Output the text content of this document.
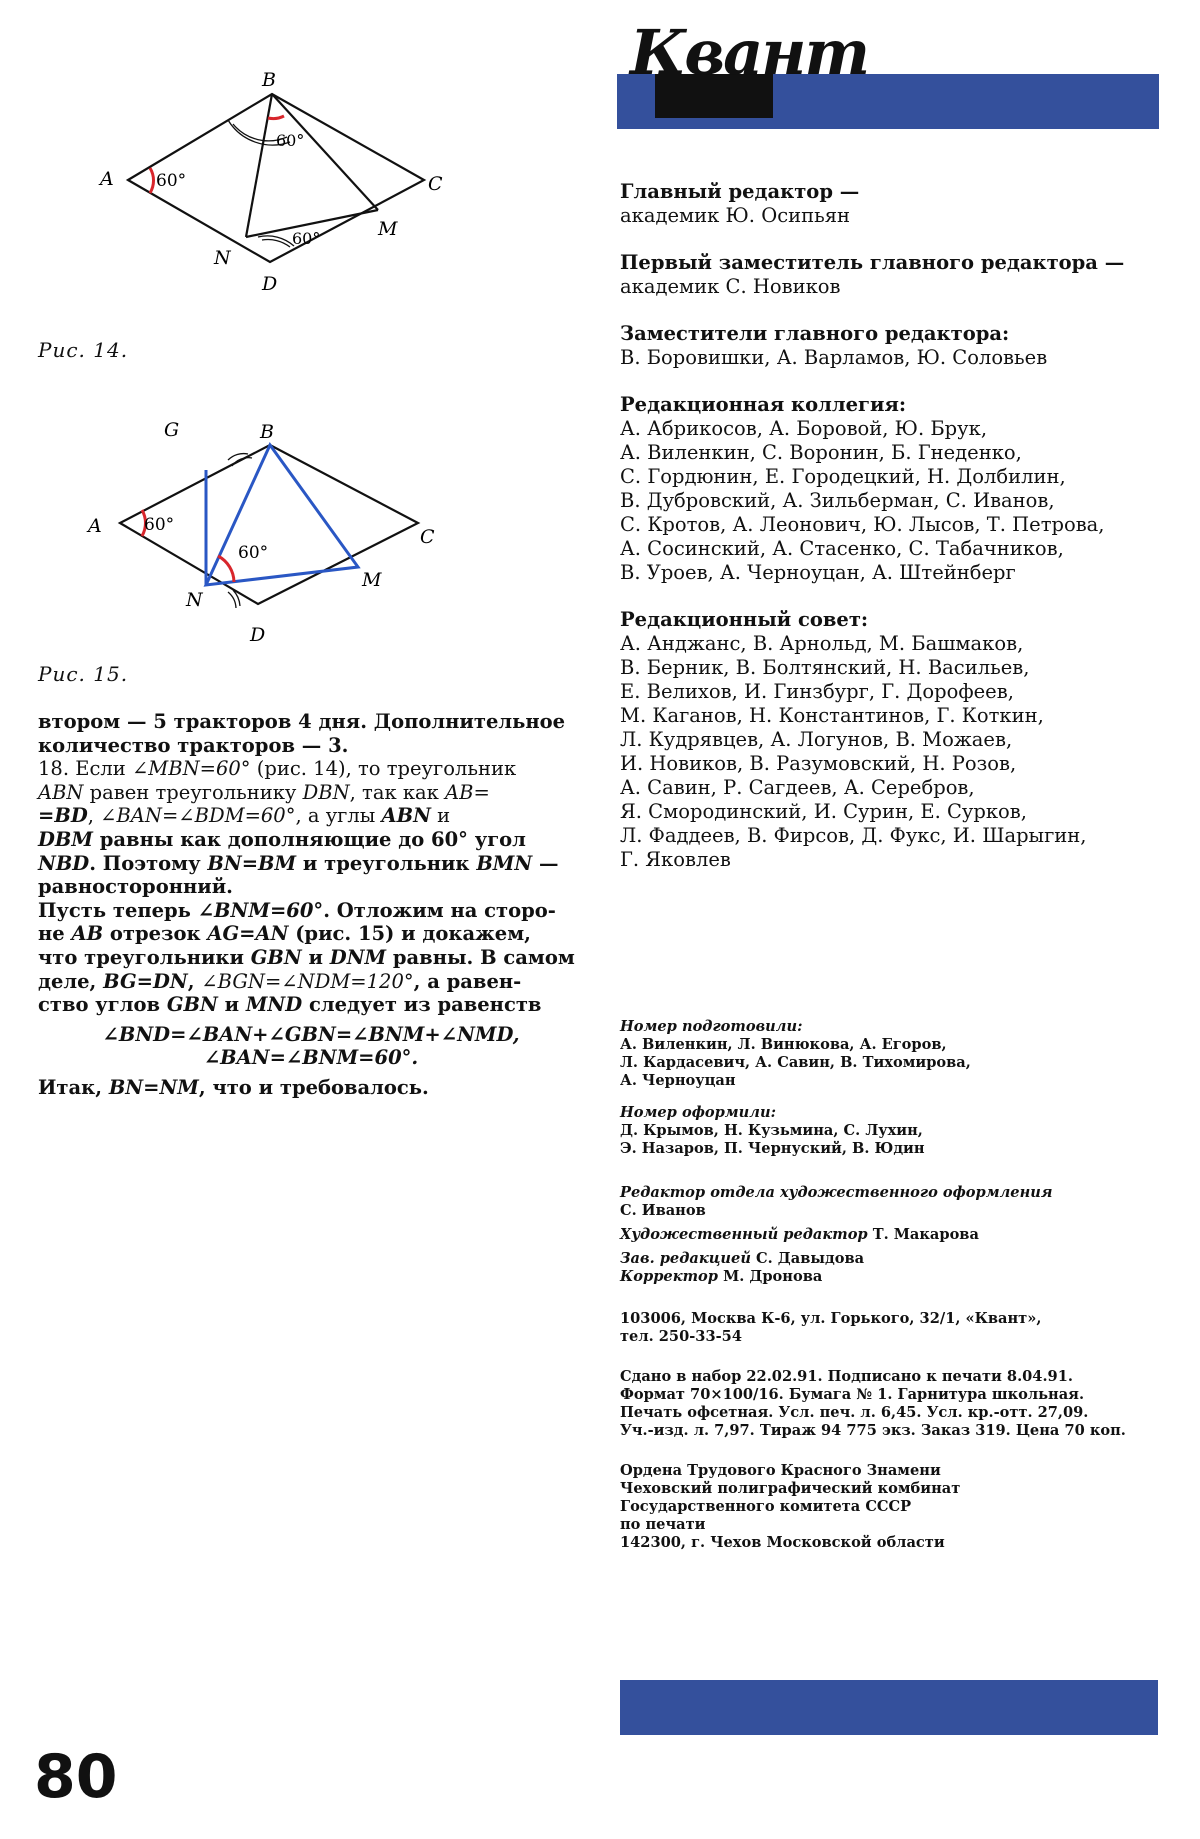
B
A	C
D
N
M
60°
60°
60°
Рис. 14.
G	B
A	C
D
N
M
60°
60°
Рис. 15.

втором — 5 тракторов 4 дня. Дополнительное

количество тракторов — 3.

18. Если ∠MBN=60° (рис. 14), то треугольник

ABN равен треугольнику DBN, так как AB=

=BD, ∠BAN=∠BDM=60°, а углы ABN и

DBM равны как дополняющие до 60° угол

NBD. Поэтому BN=BM и треугольник BMN —

равносторонний.

Пусть теперь ∠BNM=60°. Отложим на сторо-

не AB отрезок AG=AN (рис. 15) и докажем,

что треугольники GBN и DNM равны. В самом

деле, BG=DN, ∠BGN=∠NDM=120°, а равен-

ство углов GBN и MND следует из равенств

∠BND=∠BAN+∠GBN=∠BNM+∠NMD,

∠BAN=∠BNM=60°.

Итак, BN=NM, что и требовалось.

Квант
Главный редактор —
академик Ю. Осипьян
Первый заместитель главного редактора —
академик С. Новиков
Заместители главного редактора:
В. Боровишки, А. Варламов, Ю. Соловьев
Редакционная коллегия:
А. Абрикосов, А. Боровой, Ю. Брук,
А. Виленкин, С. Воронин, Б. Гнеденко,
С. Гордюнин, Е. Городецкий, Н. Долбилин,
В. Дубровский, А. Зильберман, С. Иванов,
С. Кротов, А. Леонович, Ю. Лысов, Т. Петрова,
А. Сосинский, А. Стасенко, С. Табачников,
В. Уроев, А. Черноуцан, А. Штейнберг
Редакционный совет:
А. Анджанс, В. Арнольд, М. Башмаков,
В. Берник, В. Болтянский, Н. Васильев,
Е. Велихов, И. Гинзбург, Г. Дорофеев,
М. Каганов, Н. Константинов, Г. Коткин,
Л. Кудрявцев, А. Логунов, В. Можаев,
И. Новиков, В. Разумовский, Н. Розов,
А. Савин, Р. Сагдеев, А. Серебров,
Я. Смородинский, И. Сурин, Е. Сурков,
Л. Фаддеев, В. Фирсов, Д. Фукс, И. Шарыгин,
Г. Яковлев
Номер подготовили:
А. Виленкин, Л. Винюкова, А. Егоров,
Л. Кардасевич, А. Савин, В. Тихомирова,
А. Черноуцан
Номер оформили:
Д. Крымов, Н. Кузьмина, С. Лухин,
Э. Назаров, П. Чернуский, В. Юдин
Редактор отдела художественного оформления
С. Иванов
Художественный редактор Т. Макарова
Зав. редакцией С. Давыдова
Корректор М. Дронова
103006, Москва К-6, ул. Горького, 32/1, «Квант»,
тел. 250-33-54
Сдано в набор 22.02.91. Подписано к печати 8.04.91.
Формат 70×100/16. Бумага № 1. Гарнитура школьная.
Печать офсетная. Усл. печ. л. 6,45. Усл. кр.-отт. 27,09.
Уч.-изд. л. 7,97. Тираж 94 775 экз. Заказ 319. Цена 70 коп.
Ордена Трудового Красного Знамени
Чеховский полиграфический комбинат
Государственного комитета СССР
по печати
142300, г. Чехов Московской области
80
